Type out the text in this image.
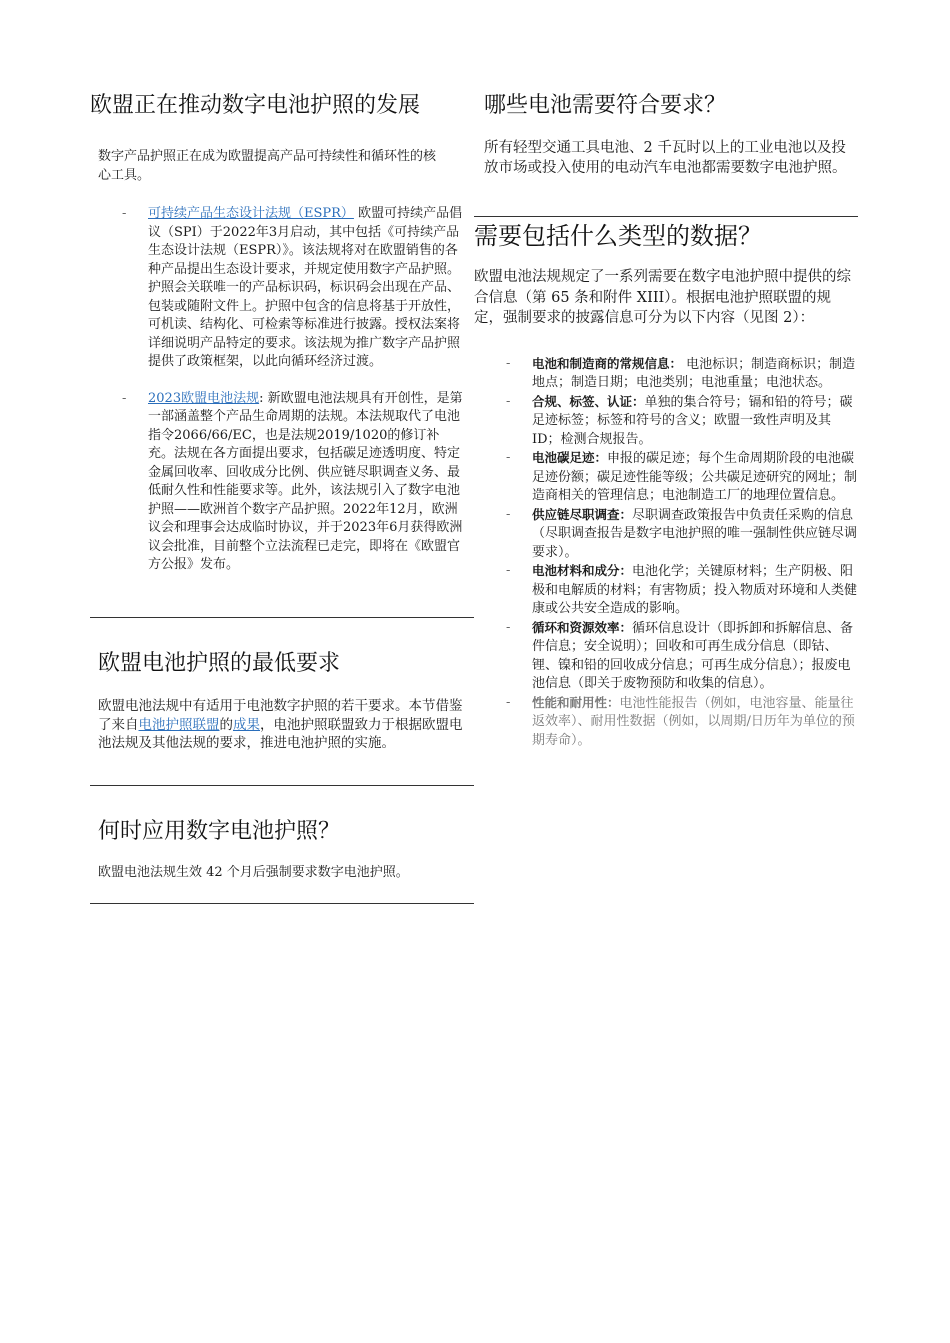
欧盟正在推动数字电池护照的发展

数字产品护照正在成为欧盟提高产品可持续性和循环性的核心工具。

- 可持续产品生态设计法规（ESPR） 欧盟可持续产品倡议（SPI）于2022年3月启动，其中包括《可持续产品生态设计法规（ESPR）》。该法规将对在欧盟销售的各种产品提出生态设计要求，并规定使用数字产品护照。护照会关联唯一的产品标识码，标识码会出现在产品、包装或随附文件上。护照中包含的信息将基于开放性，可机读、结构化、可检索等标准进行披露。授权法案将详细说明产品特定的要求。该法规为推广数字产品护照提供了政策框架，以此向循环经济过渡。
- 2023欧盟电池法规: 新欧盟电池法规具有开创性，是第一部涵盖整个产品生命周期的法规。本法规取代了电池指令2066/66/EC，也是法规2019/1020的修订补充。法规在各方面提出要求，包括碳足迹透明度、特定金属回收率、回收成分比例、供应链尽职调查义务、最低耐久性和性能要求等。此外，该法规引入了数字电池护照——欧洲首个数字产品护照。2022年12月，欧洲议会和理事会达成临时协议，并于2023年6月获得欧洲议会批准，目前整个立法流程已走完，即将在《欧盟官方公报》发布。
欧盟电池护照的最低要求

欧盟电池法规中有适用于电池数字护照的若干要求。本节借鉴了来自电池护照联盟的成果，电池护照联盟致力于根据欧盟电池法规及其他法规的要求，推进电池护照的实施。

何时应用数字电池护照？

欧盟电池法规生效 42 个月后强制要求数字电池护照。

哪些电池需要符合要求？

所有轻型交通工具电池、2 千瓦时以上的工业电池以及投放市场或投入使用的电动汽车电池都需要数字电池护照。

需要包括什么类型的数据？

欧盟电池法规规定了一系列需要在数字电池护照中提供的综合信息（第 65 条和附件 XIII）。根据电池护照联盟的规定，强制要求的披露信息可分为以下内容（见图 2）：

- 电池和制造商的常规信息： 电池标识；制造商标识；制造地点；制造日期；电池类别；电池重量；电池状态。
- 合规、标签、认证：单独的集合符号；镉和铅的符号；碳足迹标签；标签和符号的含义；欧盟一致性声明及其 ID；检测合规报告。
- 电池碳足迹：申报的碳足迹；每个生命周期阶段的电池碳足迹份额；碳足迹性能等级；公共碳足迹研究的网址；制造商相关的管理信息；电池制造工厂的地理位置信息。
- 供应链尽职调查：尽职调查政策报告中负责任采购的信息（尽职调查报告是数字电池护照的唯一强制性供应链尽调要求）。
- 电池材料和成分：电池化学；关键原材料；生产阴极、阳极和电解质的材料；有害物质；投入物质对环境和人类健康或公共安全造成的影响。
- 循环和资源效率：循环信息设计（即拆卸和拆解信息、备件信息；安全说明）；回收和可再生成分信息（即钴、锂、镍和铅的回收成分信息；可再生成分信息）；报废电池信息（即关于废物预防和收集的信息）。
- 性能和耐用性：电池性能报告（例如，电池容量、能量往返效率）、耐用性数据（例如，以周期/日历年为单位的预期寿命）。
